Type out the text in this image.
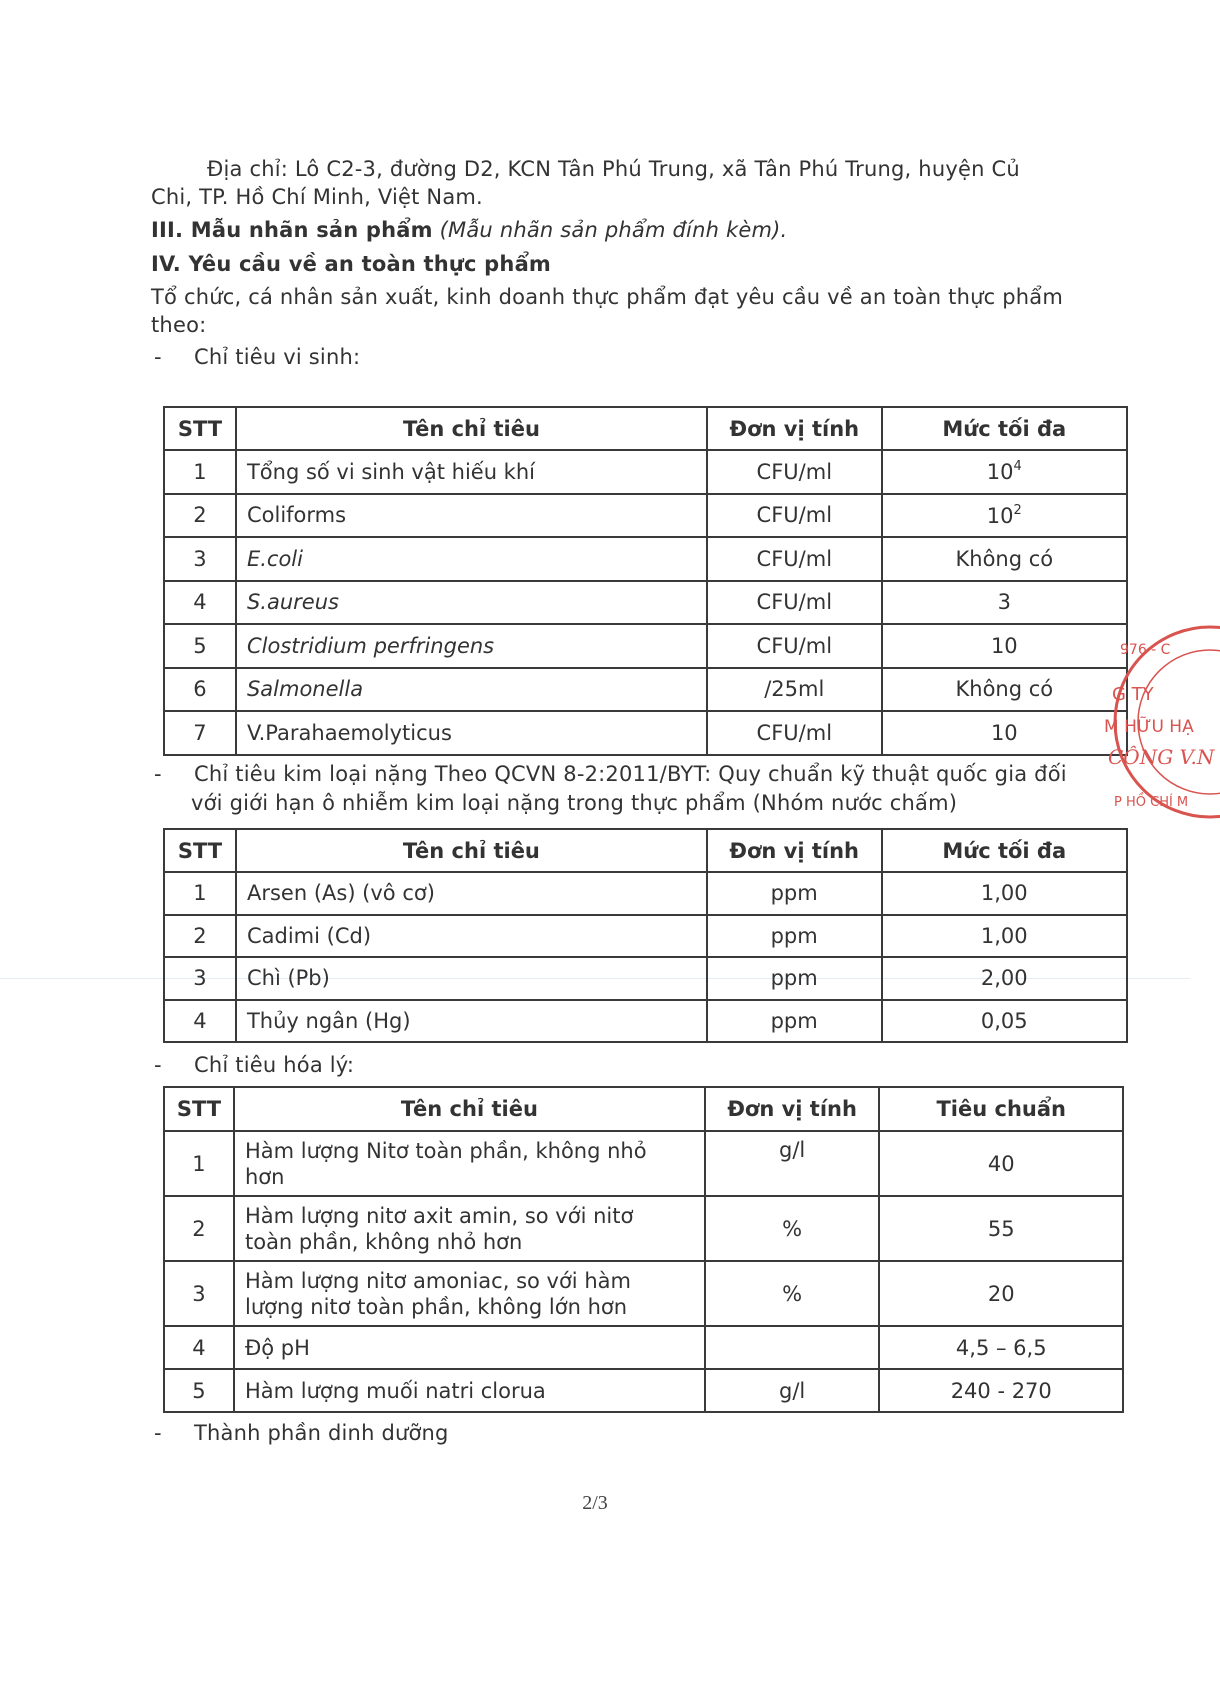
Địa chỉ: Lô C2-3, đường D2, KCN Tân Phú Trung, xã Tân Phú Trung, huyện Củ
Chi, TP. Hồ Chí Minh, Việt Nam.
III. Mẫu nhãn sản phẩm (Mẫu nhãn sản phẩm đính kèm).
IV. Yêu cầu về an toàn thực phẩm
Tổ chức, cá nhân sản xuất, kinh doanh thực phẩm đạt yêu cầu về an toàn thực phẩm
theo:
- Chỉ tiêu vi sinh:
STT	Tên chỉ tiêu	Đơn vị tính	Mức tối đa
1	Tổng số vi sinh vật hiếu khí	CFU/ml	$10^4$
2	Coliforms	CFU/ml	$10^2$
3	E.coli	CFU/ml	Không có
4	S.aureus	CFU/ml	3
5	Clostridium perfringens	CFU/ml	10
6	Salmonella	/25ml	Không có
7	V.Parahaemolyticus	CFU/ml	10
- Chỉ tiêu kim loại nặng Theo QCVN 8-2:2011/BYT: Quy chuẩn kỹ thuật quốc gia đối
với giới hạn ô nhiễm kim loại nặng trong thực phẩm (Nhóm nước chấm)
STT	Tên chỉ tiêu	Đơn vị tính	Mức tối đa
1	Arsen (As) (vô cơ)	ppm	1,00
2	Cadimi (Cd)	ppm	1,00
3	Chì (Pb)	ppm	2,00
4	Thủy ngân (Hg)	ppm	0,05
- Chỉ tiêu hóa lý:
STT	Tên chỉ tiêu	Đơn vị tính	Tiêu chuẩn
1	Hàm lượng Nitơ toàn phần, không nhỏ
hơn	g/l	40
2	Hàm lượng nitơ axit amin, so với nitơ
toàn phần, không nhỏ hơn	%	55
3	Hàm lượng nitơ amoniac, so với hàm
lượng nitơ toàn phần, không lớn hơn	%	20
4	Độ pH		4,5 – 6,5
5	Hàm lượng muối natri clorua	g/l	240 - 270
- Thành phần dinh dưỡng
2/3
976 - C
G TY
M HỮU HẠ
CÔNG V.N
P HỒ CHÍ M
